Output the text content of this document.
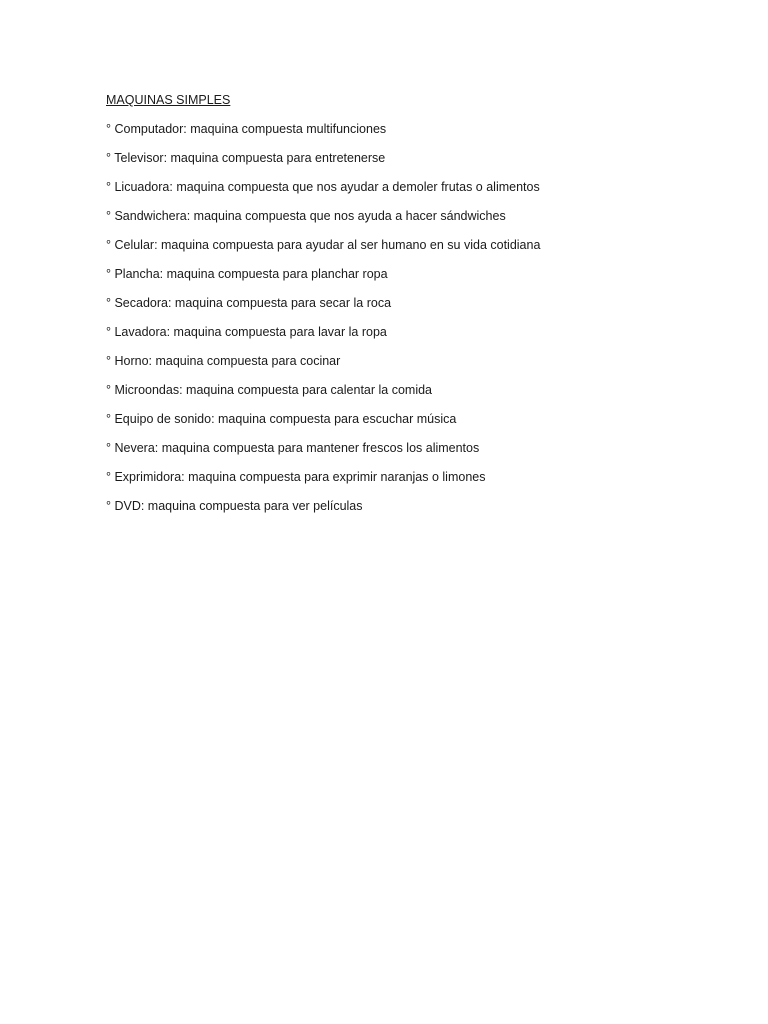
MAQUINAS SIMPLES
° Computador: maquina compuesta multifunciones
° Televisor: maquina compuesta para entretenerse
° Licuadora: maquina compuesta que nos ayudar a demoler frutas o alimentos
° Sandwichera: maquina compuesta que nos ayuda a hacer sándwiches
° Celular: maquina compuesta para ayudar al ser humano en su vida cotidiana
° Plancha: maquina compuesta para planchar ropa
° Secadora: maquina compuesta para secar la roca
° Lavadora: maquina compuesta para lavar la ropa
° Horno: maquina compuesta para cocinar
° Microondas: maquina compuesta para calentar la comida
° Equipo de sonido: maquina compuesta para escuchar música
° Nevera: maquina compuesta para mantener frescos los alimentos
° Exprimidora: maquina compuesta para exprimir naranjas o limones
° DVD: maquina compuesta para ver películas
